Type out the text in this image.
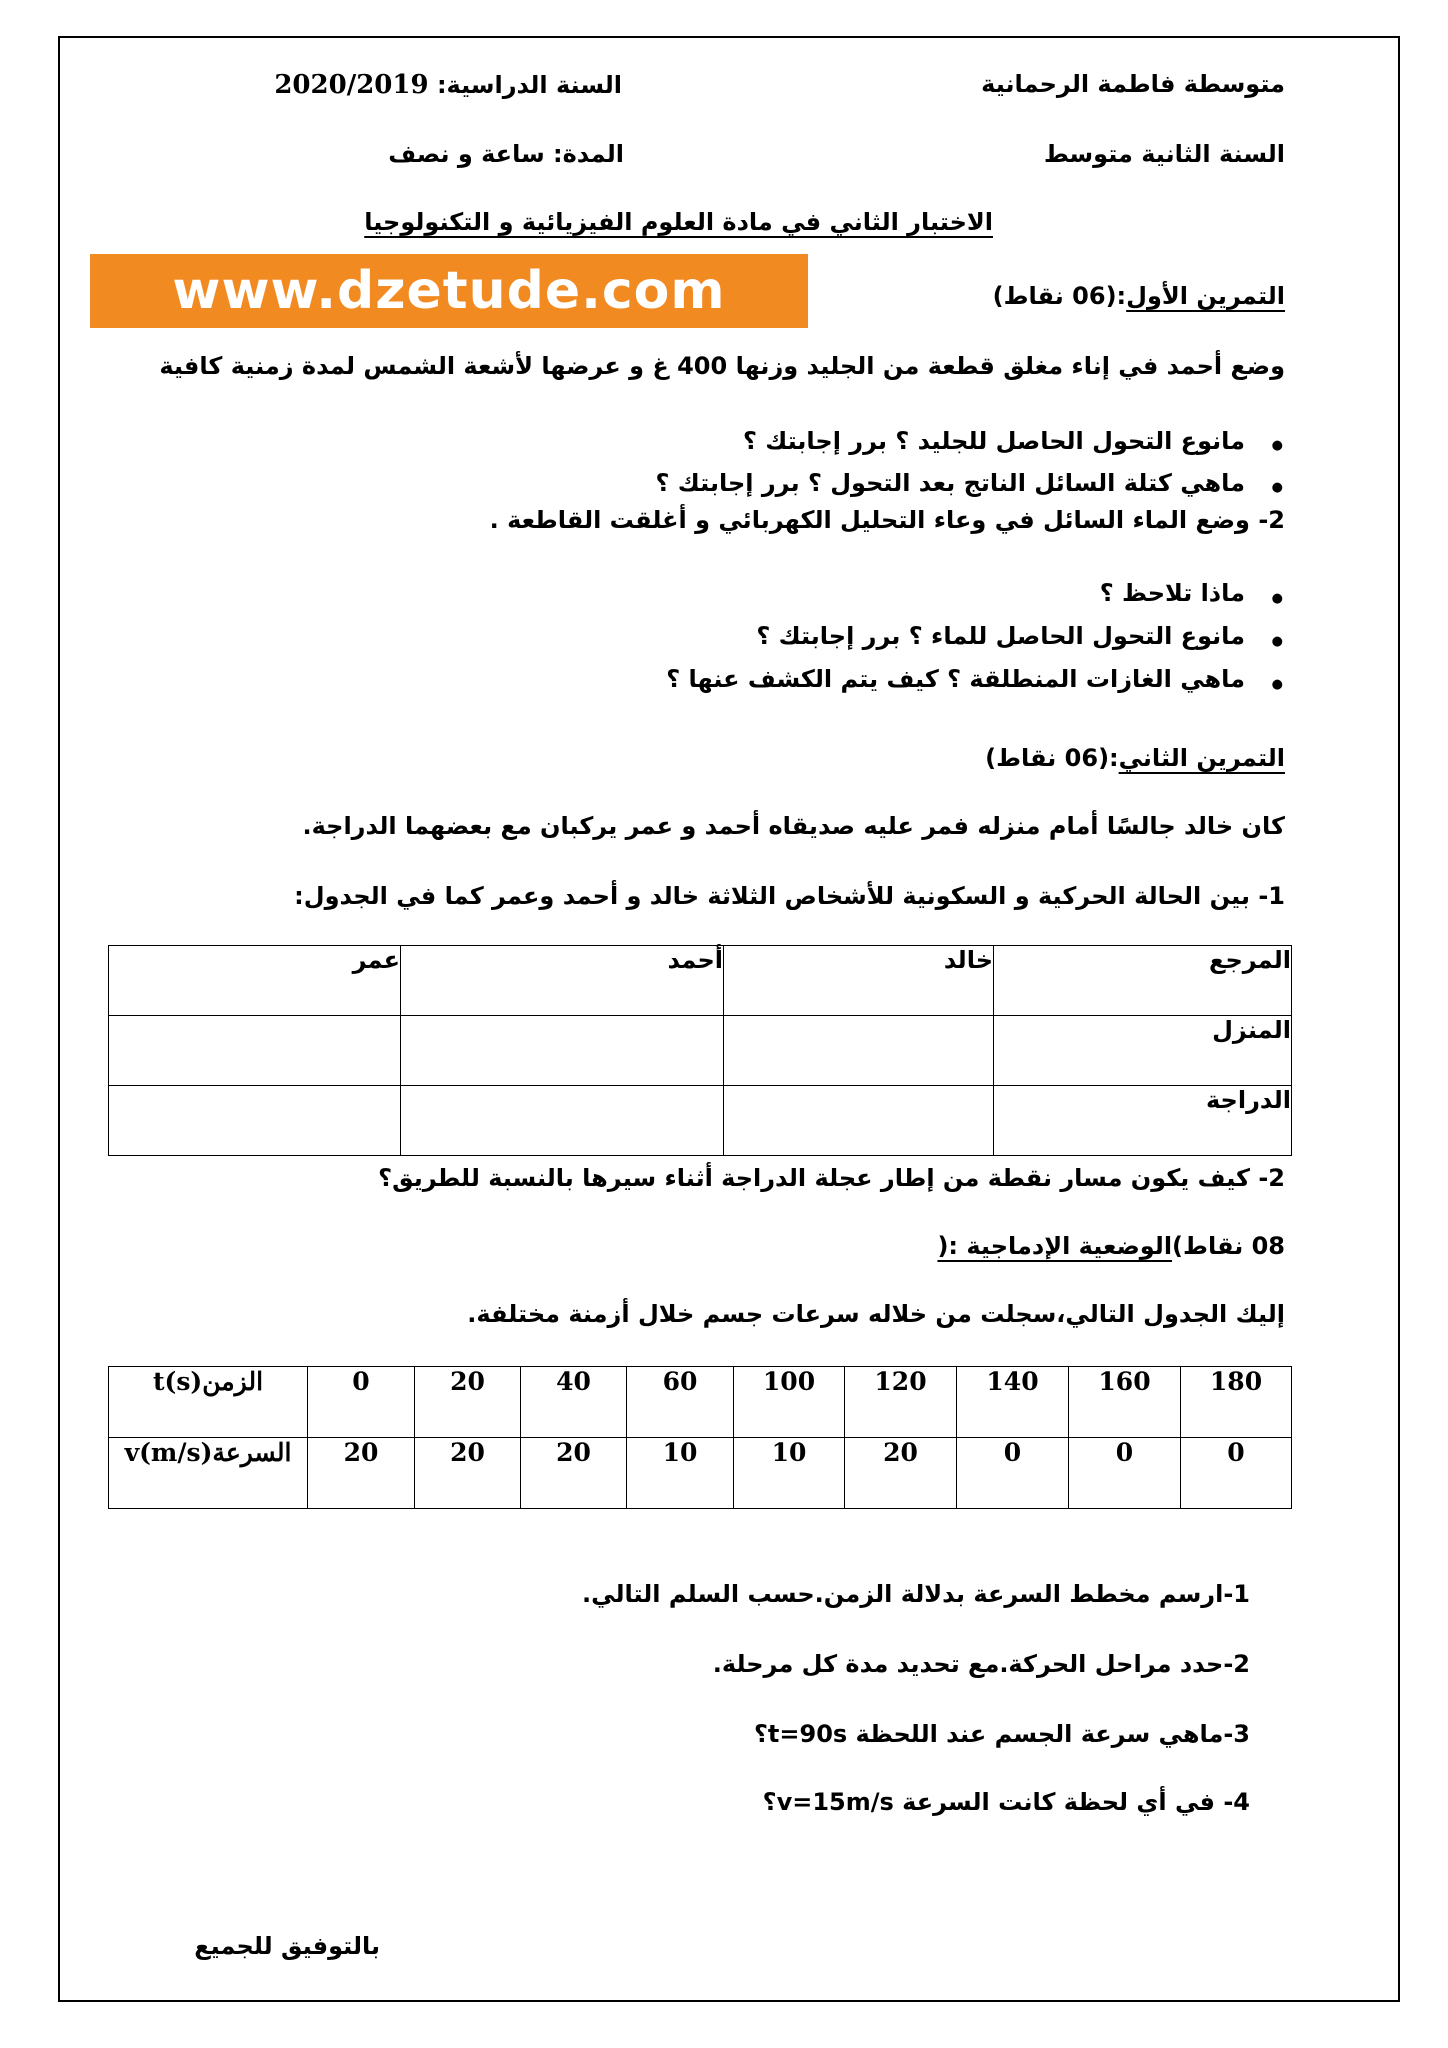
متوسطة فاطمة الرحمانية
السنة الدراسية: 2020/2019
السنة الثانية متوسط
المدة: ساعة و نصف
الاختبار الثاني في مادة العلوم الفيزيائية و التكنولوجيا
www.dzetude.com	التمرين الأول:(06 نقاط)
وضع أحمد في إناء مغلق قطعة من الجليد وزنها 400 غ و عرضها لأشعة الشمس لمدة زمنية كافية
● مانوع التحول الحاصل للجليد ؟ برر إجابتك ؟
● ماهي كتلة السائل الناتج بعد التحول ؟ برر إجابتك ؟
2- وضع الماء السائل في وعاء التحليل الكهربائي و أغلقت القاطعة .
● ماذا تلاحظ ؟
● مانوع التحول الحاصل للماء ؟ برر إجابتك ؟
● ماهي الغازات المنطلقة ؟ كيف يتم الكشف عنها ؟
التمرين الثاني:(06 نقاط)
كان خالد جالسًا أمام منزله فمر عليه صديقاه أحمد و عمر يركبان مع بعضهما الدراجة.
1- بين الحالة الحركية و السكونية للأشخاص الثلاثة خالد و أحمد وعمر كما في الجدول:
المرجع	خالد	أحمد	عمر
المنزل			
الدراجة			
2- كيف يكون مسار نقطة من إطار عجلة الدراجة أثناء سيرها بالنسبة للطريق؟
08 نقاط)الوضعية الإدماجية :(
إليك الجدول التالي،سجلت من خلاله سرعات جسم خلال أزمنة مختلفة.
180	160	140	120	100	60	40	20	0	t(s)الزمن
0	0	0	20	10	10	20	20	20	v(m/s)السرعة
1-ارسم مخطط السرعة بدلالة الزمن.حسب السلم التالي.
2-حدد مراحل الحركة.مع تحديد مدة كل مرحلة.
3-ماهي سرعة الجسم عند اللحظة t=90s؟
4- في أي لحظة كانت السرعة v=15m/s؟
بالتوفيق للجميع
